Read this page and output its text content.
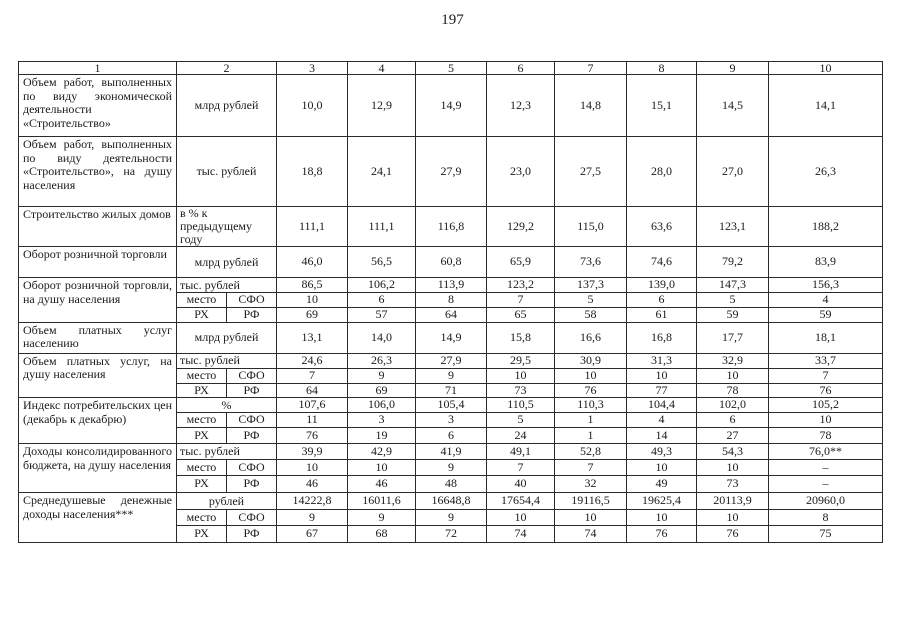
197
1	2		3	4	5	6	7	8	9	10
Объем работ, выполненных по виду экономической деятельности «Строительство»	млрд рублей		10,0	12,9	14,9	12,3	14,8	15,1	14,5	14,1
Объем работ, выполненных по виду деятельности «Строительство», на душу населения	тыс. рублей		18,8	24,1	27,9	23,0	27,5	28,0	27,0	26,3
Строительство жилых домов	в % к предыдущему году		111,1	111,1	116,8	129,2	115,0	63,6	123,1	188,2
Оборот розничной торговли	млрд рублей		46,0	56,5	60,8	65,9	73,6	74,6	79,2	83,9
Оборот розничной торговли, на душу населения	тыс. рублей		86,5	106,2	113,9	123,2	137,3	139,0	147,3	156,3
	место	СФО	10	6	8	7	5	6	5	4
	РХ	РФ	69	57	64	65	58	61	59	59
Объем платных услуг населению	млрд рублей		13,1	14,0	14,9	15,8	16,6	16,8	17,7	18,1
Объем платных услуг, на душу населения	тыс. рублей		24,6	26,3	27,9	29,5	30,9	31,3	32,9	33,7
	место	СФО	7	9	9	10	10	10	10	7
	РХ	РФ	64	69	71	73	76	77	78	76
Индекс потребительских цен (декабрь к декабрю)	%		107,6	106,0	105,4	110,5	110,3	104,4	102,0	105,2
	место	СФО	11	3	3	5	1	4	6	10
	РХ	РФ	76	19	6	24	1	14	27	78
Доходы консолидированного бюджета, на душу населения	тыс. рублей		39,9	42,9	41,9	49,1	52,8	49,3	54,3	76,0**
	место	СФО	10	10	9	7	7	10	10	–
	РХ	РФ	46	46	48	40	32	49	73	–
Среднедушевые денежные доходы населения***	рублей		14222,8	16011,6	16648,8	17654,4	19116,5	19625,4	20113,9	20960,0
	место	СФО	9	9	9	10	10	10	10	8
	РХ	РФ	67	68	72	74	74	76	76	75
